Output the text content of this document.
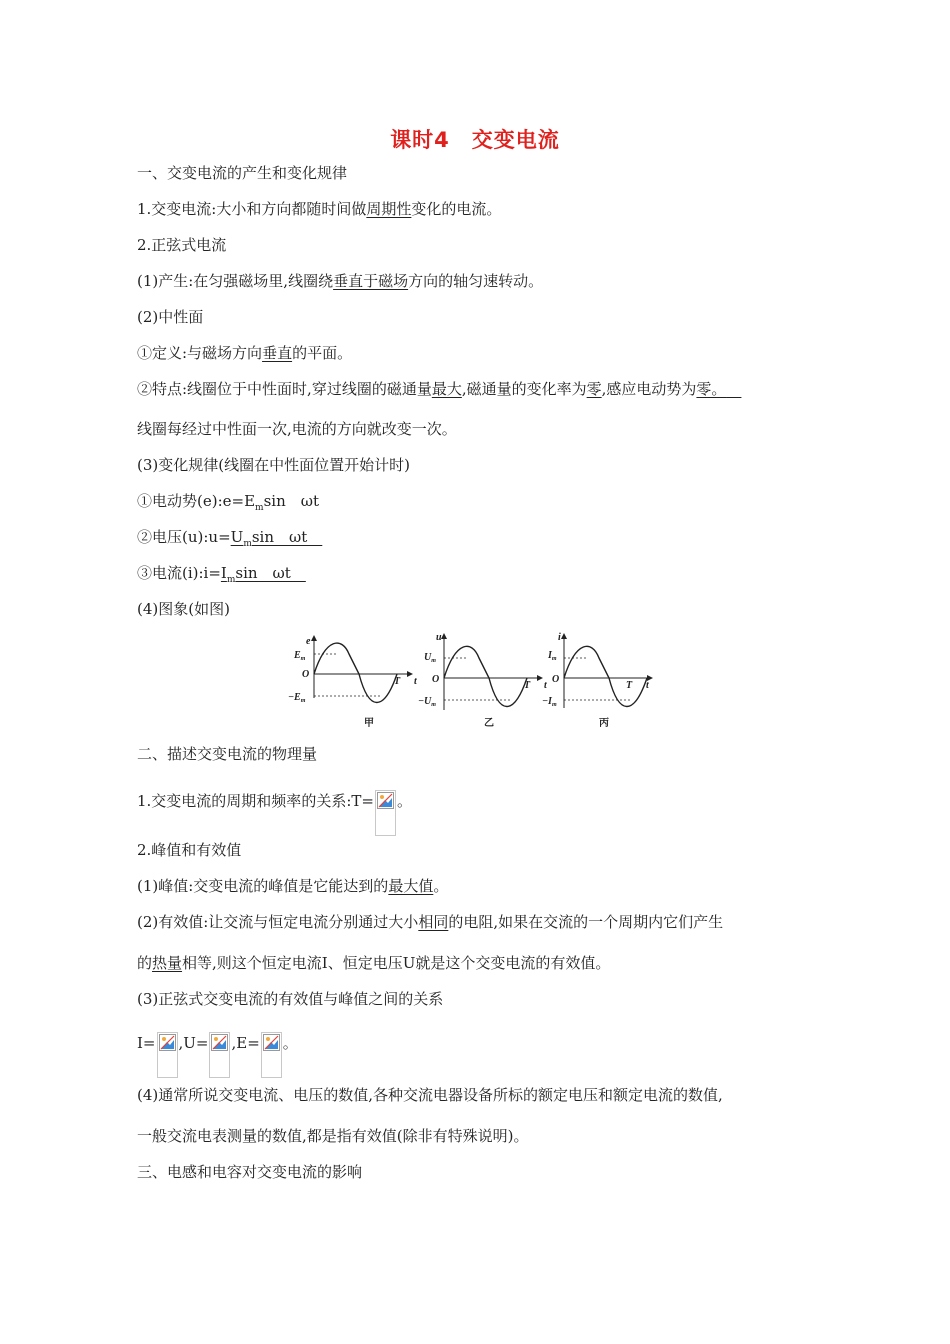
课时4　交变电流
一、交变电流的产生和变化规律
1.交变电流:大小和方向都随时间做周期性变化的电流。
2.正弦式电流
(1)产生:在匀强磁场里,线圈绕垂直于磁场方向的轴匀速转动。
(2)中性面
①定义:与磁场方向垂直的平面。
②特点:线圈位于中性面时,穿过线圈的磁通量最大,磁通量的变化率为零,感应电动势为零。 
线圈每经过中性面一次,电流的方向就改变一次。
(3)变化规律(线圈在中性面位置开始计时)
①电动势$(e):e=E_m\sin$　ωt
②电压$(u):u=U_m\sin$　ωt　
③电流$(i):i=I_m\sin$　ωt　
(4)图象(如图)
e
$E_m$
O
$-E_m$
T t
甲
u
$U_m$
O
$-U_m$
T t
乙
i
$I_m$
O
$-I_m$
T t
丙
二、描述交变电流的物理量
1.交变电流的周期和频率的关系:T= 。
2.峰值和有效值
(1)峰值:交变电流的峰值是它能达到的最大值。
(2)有效值:让交流与恒定电流分别通过大小相同的电阻,如果在交流的一个周期内它们产生
的热量相等,则这个恒定电流I、恒定电压U就是这个交变电流的有效值。
(3)正弦式交变电流的有效值与峰值之间的关系
I= ,U= ,E= 。
(4)通常所说交变电流、电压的数值,各种交流电器设备所标的额定电压和额定电流的数值,
一般交流电表测量的数值,都是指有效值(除非有特殊说明)。
三、电感和电容对交变电流的影响
